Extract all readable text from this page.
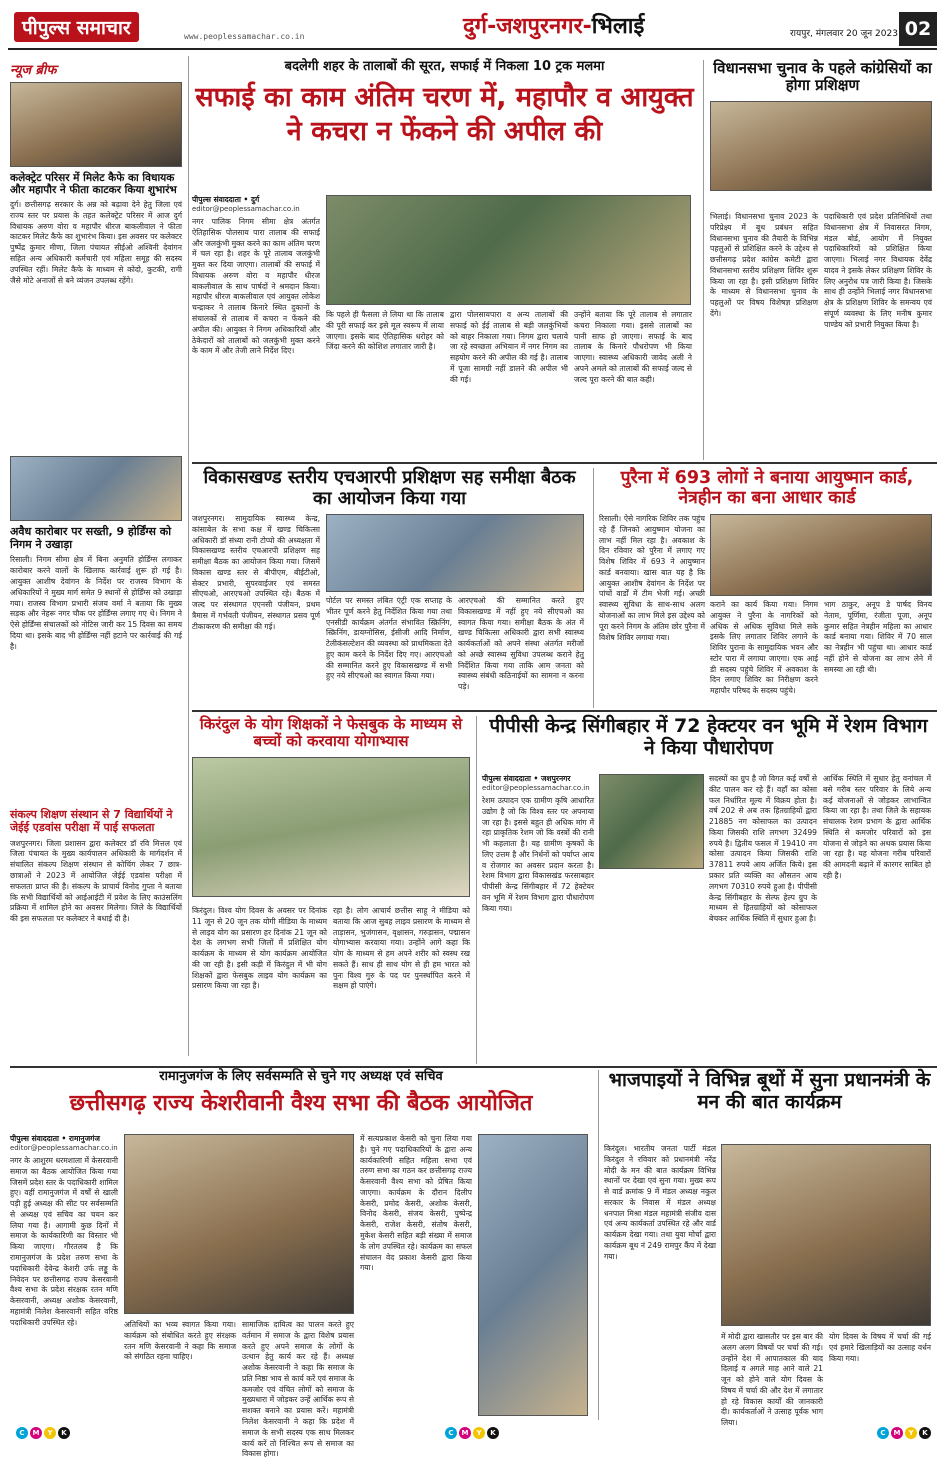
पीपुल्स समाचार	www.peoplessamachar.co.in	दुर्ग-जशपुरनगर-भिलाई	रायपुर, मंगलवार 20 जून 2023 02
न्यूज ब्रीफ
कलेक्ट्रेट परिसर में मिलेट कैफे का विधायक और महापौर ने फीता काटकर किया शुभारंभ
दुर्ग। छत्तीसगढ़ सरकार के अन्न को बढ़ावा देने हेतु जिला एवं राज्य स्तर पर प्रयास के तहत कलेक्ट्रेट परिसर में आज दुर्ग विधायक अरुण वोरा व महापौर धीरज बाकलीवाल ने फीता काटकर मिलेट कैफे का शुभारंभ किया। इस अवसर पर कलेक्टर पुष्पेंद्र कुमार मीणा, जिला पंचायत सीईओ अश्विनी देवांगन सहित अन्य अधिकारी कर्मचारी एवं महिला समूह की सदस्य उपस्थित रहीं। मिलेट कैफे के माध्यम से कोदो, कुटकी, रागी जैसे मोटे अनाजों से बने व्यंजन उपलब्ध रहेंगे।
अवैध कारोबार पर सख्ती, 9 होर्डिंग्स को निगम ने उखाड़ा
रिसाली। निगम सीमा क्षेत्र में बिना अनुमति होर्डिंग्स लगाकर कारोबार करने वालों के खिलाफ कार्रवाई शुरू हो गई है। आयुक्त आशीष देवांगन के निर्देश पर राजस्व विभाग के अधिकारियों ने मुख्य मार्ग समेत 9 स्थानों से होर्डिंग्स को उखाड़ा गया। राजस्व विभाग प्रभारी संजय वर्मा ने बताया कि मुख्य सड़क और नेहरू नगर चौक पर होर्डिंग्स लगाए गए थे। निगम ने ऐसे होर्डिंग्स संचालकों को नोटिस जारी कर 15 दिवस का समय दिया था। इसके बाद भी होर्डिंग्स नहीं हटाने पर कार्रवाई की गई है।
संकल्प शिक्षण संस्थान से 7 विद्यार्थियों ने जेईई एडवांस परीक्षा में पाई सफलता
जशपुरनगर। जिला प्रशासन द्वारा कलेक्टर डॉ रवि मित्तल एवं जिला पंचायत के मुख्य कार्यपालन अधिकारी के मार्गदर्शन में संचालित संकल्प शिक्षण संस्थान से कोचिंग लेकर 7 छात्र-छात्राओं ने 2023 में आयोजित जेईई एडवांस परीक्षा में सफलता प्राप्त की है। संकल्प के प्राचार्य विनोद गुप्ता ने बताया कि सभी विद्यार्थियों को आईआईटी में प्रवेश के लिए काउंसलिंग प्रक्रिया में शामिल होने का अवसर मिलेगा। जिले के विद्यार्थियों की इस सफलता पर कलेक्टर ने बधाई दी है।
बदलेगी शहर के तालाबों की सूरत, सफाई में निकला 10 ट्रक मलमा
सफाई का काम अंतिम चरण में, महापौर व आयुक्त ने कचरा न फेंकने की अपील की
पीपुल्स संवाददाता • दुर्ग
editor@peoplessamachar.co.in
नगर पालिक निगम सीमा क्षेत्र अंतर्गत ऐतिहासिक पोलसाय पारा तालाब की सफाई और जलकुंभी मुक्त करने का काम अंतिम चरण में चल रहा है। शहर के पूरे तालाब जलकुंभी मुक्त कर दिया जाएगा। तालाबों की सफाई में विधायक अरुण वोरा व महापौर धीरज बाकलीवाल के साथ पार्षदों ने श्रमदान किया। महापौर धीरज बाकलीवाल एवं आयुक्त लोकेश चन्द्राकर ने तालाब किनारे स्थित दुकानों के संचालकों से तालाब में कचरा न फेंकने की अपील की। आयुक्त ने निगम अधिकारियों और ठेकेदारों को तालाबों को जलकुंभी मुक्त करने के काम में और तेजी लाने निर्देश दिए।
कि पहले ही फैसला ले लिया था कि तालाब की पूरी सफाई कर इसे मूल स्वरूप में लाया जाएगा। इसके बाद ऐतिहासिक धरोहर को जिंदा करने की कोशिश लगातार जारी है।
द्वारा पोलसायपारा व अन्य तालाबों की सफाई को ईई तालाब से बड़ी जलकुंभियों को बाहर निकाला गया। निगम द्वारा चलाये जा रहे स्वच्छता अभियान में नगर निगम का सहयोग करने की अपील की गई है। तालाब में पूजा सामग्री नहीं डालने की अपील भी की गई।
उन्होंने बताया कि पूरे तालाब से लगातार कचरा निकाला गया। इससे तालाबों का पानी साफ हो जाएगा। सफाई के बाद तालाब के किनारे पौधरोपण भी किया जाएगा। स्वास्थ्य अधिकारी जावेद अली ने अपने अमले को तालाबों की सफाई जल्द से जल्द पूरा करने की बात कही।
विधानसभा चुनाव के पहले कांग्रेसियों का होगा प्रशिक्षण
भिलाई। विधानसभा चुनाव 2023 के परिप्रेक्ष्य में बूथ प्रबंधन सहित विधानसभा चुनाव की तैयारी के विभिन्न पहलुओं से प्रशिक्षित करने के उद्देश्य से छत्तीसगढ़ प्रदेश कांग्रेस कमेटी द्वारा विधानसभा स्तरीय प्रशिक्षण शिविर शुरू किया जा रहा है। इसी प्रशिक्षण शिविर के माध्यम से विधानसभा चुनाव के पहलुओं पर विषय विशेषज्ञ प्रशिक्षण देंगे।
पदाधिकारी एवं प्रदेश प्रतिनिधियों तथा विधानसभा क्षेत्र में निवासरत निगम, मंडल बोर्ड, आयोग में नियुक्त पदाधिकारियों को प्रशिक्षित किया जाएगा। भिलाई नगर विधायक देवेंद्र यादव ने इसके लेकर प्रशिक्षण शिविर के लिए अनुरोध पत्र जारी किया है। जिसके साथ ही उन्होंने भिलाई नगर विधानसभा क्षेत्र के प्रशिक्षण शिविर के समन्वय एवं संपूर्ण व्यवस्था के लिए मनीष कुमार पाण्डेय को प्रभारी नियुक्त किया है।
विकासखण्ड स्तरीय एचआरपी प्रशिक्षण सह समीक्षा बैठक का आयोजन किया गया
जशपुरनगर। सामुदायिक स्वास्थ्य केन्द्र, कांसाबेल के सभा कक्ष में खण्ड चिकित्सा अधिकारी डॉ संध्या रानी टोप्पो की अध्यक्षता में विकासखण्ड स्तरीय एचआरपी प्रशिक्षण सह समीक्षा बैठक का आयोजन किया गया। जिसमें विकास खण्ड स्तर से बीपीएम, बीईटीओ, सेक्टर प्रभारी, सुपरवाईजर एवं समस्त सीएचओ, आरएचओ उपस्थित रहे। बैठक में जल्द पर संस्थागत एएनसी पंजीयन, प्रथम त्रैमास में गर्भवती पंजीयन, संस्थागत प्रसव पूर्ण टीकाकरण की समीक्षा की गई।
पोर्टल पर समस्त लंबित एंट्री एक सप्ताह के भीतर पूर्ण करने हेतु निर्देशित किया गया तथा एनसीडी कार्यक्रम अंतर्गत संभावित स्क्रिनिंग, स्क्रिनिंग, डायग्नोसिस, ईसीजी आदि निर्माण, टेलीकंसल्टेशन की व्यवस्था को प्राथमिकता देते हुए काम करने के निर्देश दिए गए। आरएचओ की सम्मानित करने हुए विकासखण्ड में सभी हुए नये सीएचओ का स्वागत किया गया।
आरएचओ की सम्मानित करते हुए विकासखण्ड में नहीं हुए नये सीएचओ का स्वागत किया गया। समीक्षा बैठक के अंत में खण्ड चिकित्सा अधिकारी द्वारा सभी स्वास्थ्य कार्यकर्ताओं को अपने संस्था अंतर्गत मरीजों को अच्छे स्वास्थ्य सुविधा उपलब्ध कराने हेतु निर्देशित किया गया ताकि आम जनता को स्वास्थ्य संबंधी कठिनाईयों का सामना न करना पड़े।
पुरैना में 693 लोगों ने बनाया आयुष्मान कार्ड, नेत्रहीन का बना आधार कार्ड
रिसाली। ऐसे नागरिक शिविर तक पहुंच रहे हैं जिनको आयुष्मान योजना का लाभ नहीं मिल रहा है। अवकाश के दिन रविवार को पुरैना में लगाए गए विशेष शिविर में 693 ने आयुष्मान कार्ड बनवाया। खास बात यह है कि आयुक्त आशीष देवांगन के निर्देश पर पांचों वार्डों में टीम भेजी गई। अच्छी स्वास्थ्य सुविधा के साथ-साथ अलग योजनाओं का लाभ मिले इस उद्देश्य को पूरा करने निगम के अंतिम छोर पुरैना में विशेष शिविर लगाया गया।
कराने का कार्य किया गया। निगम आयुक्त ने पुरैना के नागरिकों को अधिक से अधिक सुविधा मिले सके इसके लिए लगातार शिविर लगाने के शिविर पुराना के सामुदायिक भवन और स्टोर पारा में लगाया जाएगा। एक आई डी सदस्य पहुंचे शिविर में अवकाश के दिन लगाए शिविर का निरीक्षण करने महापौर परिषद के सदस्य पहुंचे।
भाग ठाकुर, अनूप डे पार्षद विनय नेताम, पूर्णिमा, रंजीता पूजा, अनूप कुमार सहित नेत्रहीन महिला का आधार कार्ड बनाया गया। शिविर में 70 साल का नेत्रहीन भी पहुंचा था। आधार कार्ड नहीं होने से योजना का लाभ लेने में समस्या आ रही थी।
किरंदुल के योग शिक्षकों ने फेसबुक के माध्यम से बच्चों को करवाया योगाभ्यास
किरंदुल। विश्व योग दिवस के अवसर पर दिनांक 11 जून से 20 जून तक योगी मीडिया के माध्यम से लाइव योग का प्रसारण हर दिनांक 21 जून को देश के लगभग सभी जिलों में प्रशिक्षित योग कार्यक्रम के माध्यम से योग कार्यक्रम आयोजित की जा रही है। इसी कड़ी में किरंदुल में भी योग शिक्षकों द्वारा फेसबुक लाइव योग कार्यक्रम का प्रसारण किया जा रहा है।
रहा है। लोग आचार्य छत्तीस साहू ने मीडिया को बताया कि आज सुबह लाइव प्रसारण के माध्यम से ताड़ासन, भुजंगासन, वृक्षासन, गरुड़ासन, पद्मासन योगाभ्यास करवाया गया। उन्होंने आगे कहा कि योग के माध्यम से हम अपने शरीर को स्वस्थ रख सकते हैं। साथ ही साथ योग से ही हम भारत को पुनः विश्व गुरु के पद पर पुनर्स्थापित करने में सक्षम हो पाएंगे।
पीपीसी केन्द्र सिंगीबहार में 72 हेक्टयर वन भूमि में रेशम विभाग ने किया पौधारोपण
पीपुल्स संवाददाता • जशपुरनगर
editor@peoplessamachar.co.in
रेशम उत्पादन एक ग्रामीण कृषि आधारित उद्योग है जो कि विश्व स्तर पर अपनाया जा रहा है। इससे बहुत ही अधिक मांग में रहा प्राकृतिक रेशम जो कि वस्त्रों की रानी भी कहलाता है। यह ग्रामीण कृषकों के लिए उत्तम है और निर्धनों को पर्याप्त आय व रोजगार का अवसर प्रदान करता है। रेशम विभाग द्वारा विकासखंड फरसाबहार पीपीसी केन्द्र सिंगीबहार में 72 हेक्टेयर वन भूमि में रेशम विभाग द्वारा पौधारोपण किया गया।
सदस्यों का ग्रुप है जो विगत कई वर्षों से कीट पालन कर रहे हैं। वहाँ का कोसा फल निर्धारित मूल्य में विक्रय होता है। वर्ष 202 से अब तक हितग्राहियों द्वारा 21885 नग कोसाफल का उत्पादन किया जिसकी राशि लगभग 32499 रुपये है। द्वितीय फसल में 19410 नग कोसा उत्पादन किया जिसकी राशि 37811 रुपये आय अर्जित किये। इस प्रकार प्रति व्यक्ति का औसतन आय लगभग 70310 रुपये हुआ है। पीपीसी केन्द्र सिंगीबहार के सेल्फ हेल्प ग्रुप के माध्यम से हितग्राहियों को कोसाफल बेचकर आर्थिक स्थिति में सुधार हुआ है।
आर्थिक स्थिति में सुधार हेतु वनांचल में बसे गरीब स्तर परिवार के लिये अन्य कई योजनाओं से जोड़कर लाभान्वित किया जा रहा है। तथा जिले के सहायक संचालक रेशम प्रभाग के द्वारा आर्थिक स्थिति से कमजोर परिवारों को इस योजना से जोड़ने का अथक प्रयास किया जा रहा है। यह योजना गरीब परिवारों की आमदनी बढ़ाने में कारगर साबित हो रही है।
रामानुजगंज के लिए सर्वसम्मति से चुने गए अध्यक्ष एवं सचिव
छत्तीसगढ़ राज्य केशरीवानी वैश्य सभा की बैठक आयोजित
पीपुल्स संवाददाता • रामानुजगंज
editor@peoplessamachar.co.in
नगर के आशुरम धरमशाला में केसरवानी समाज का बैठक आयोजित किया गया जिसमें प्रदेश स्तर के पदाधिकारी शामिल हुए। वहीं रामानुजगंज में वर्षों से खाली पड़ी हुई अध्यक्ष की सीट पर सर्वसम्मति से अध्यक्ष एवं सचिव का चयन कर लिया गया है। आगामी कुछ दिनों में समाज के कार्यकारिणी का विस्तार भी किया जाएगा। गौरतलब है कि रामानुजगंज के प्रदेश तरुण सभा के पदाधिकारी देवेन्द्र केशरी उर्फ लड्डू के निवेदन पर छत्तीसगढ़ राज्य केसरवानी वैश्य सभा के प्रदेश संरक्षक रतन मणि केसरवानी, अध्यक्ष अशोक केसरवानी, महामंत्री निलेश केसरवानी सहित वरिष्ठ पदाधिकारी उपस्थित रहे।	अतिथियों का भव्य स्वागत किया गया। कार्यक्रम को संबोधित करते हुए संरक्षक रतन मणि केसरवानी ने कहा कि समाज को संगठित रहना चाहिए।
सामाजिक दायित्व का पालन करते हुए वर्तमान में समाज के द्वारा विशेष प्रयास करते हुए अपने समाज के लोगों के उत्थान हेतु कार्य कर रहे हैं। अध्यक्ष अशोक केसरवानी ने कहा कि समाज के प्रति निष्ठा भाव से कार्य करें एवं समाज के कमजोर एवं वंचित लोगों को समाज के मुख्यधारा में जोड़कर उन्हें आर्थिक रूप से सशक्त बनाने का प्रयास करें। महामंत्री निलेश केसरवानी ने कहा कि प्रदेश में समाज के सभी सदस्य एक साथ मिलकर कार्य करें तो निश्चित रूप से समाज का विकास होगा।
में सत्यप्रकाश केसरी को चुना लिया गया है। चुने गए पदाधिकारियों के द्वारा अन्य कार्यकारिणी सहित महिला सभा एवं तरुण सभा का गठन कर छत्तीसगढ़ राज्य केसरवानी वैश्य सभा को प्रेषित किया जाएगा। कार्यक्रम के दौरान दिलीप केसरी, प्रमोद केसरी, अशोक केसरी, विनोद केसरी, संजय केसरी, पुष्पेन्द्र केसरी, राजेश केसरी, संतोष केसरी, मुकेश केसरी सहित बड़ी संख्या में समाज के लोग उपस्थित रहे। कार्यक्रम का सफल संचालन वेद प्रकाश केसरी द्वारा किया गया।
भाजपाइयों ने विभिन्न बूथों में सुना प्रधानमंत्री के मन की बात कार्यक्रम
किरंदुल। भारतीय जनता पार्टी मंडल किरंदुल ने रविवार को प्रधानमंत्री नरेंद्र मोदी के मन की बात कार्यक्रम विभिन्न स्थानों पर देखा एवं सुना गया। मुख्य रूप से वार्ड क्रमांक 9 में मंडल अध्यक्ष नकुल सरकार के निवास में मंडल अध्यक्ष धनपाल मिश्रा मंडल महामंत्री संजीव दास एवं अन्य कार्यकर्ता उपस्थित रहे और वार्ड कार्यक्रम देखा गया। तथा युवा मोर्चा द्वारा कार्यक्रम बूथ नं 249 रामपुर कैंप में देखा गया।
में मोदी द्वारा खासतौर पर इस बार की अलग अलग विषयों पर चर्चा की गई। उन्होंने देश में आपातकाल की याद दिलाई व अगले माह आने वाले 21 जून को होने वाले योग दिवस के विषय में चर्चा की और देश में लगातार हो रहे विकास कार्यों की जानकारी दी। कार्यकर्ताओं ने उत्साह पूर्वक भाग लिया।
योग दिवस के विषय में चर्चा की गई एवं हमारे खिलाड़ियों का उत्साह वर्धन किया गया।
C	M	Y	K	C	M	Y	K	C	M	Y	K
